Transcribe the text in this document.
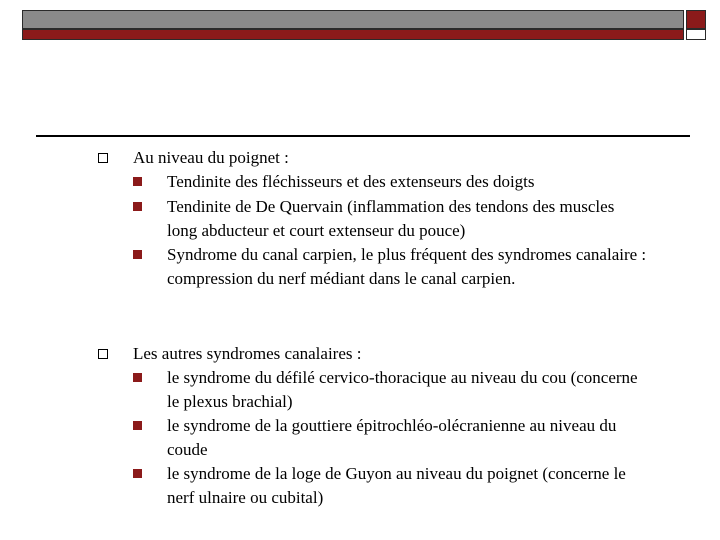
Au niveau du poignet :
Tendinite des fléchisseurs et des extenseurs des doigts
Tendinite de De Quervain (inflammation des tendons des muscles long abducteur et court extenseur du pouce)
Syndrome du canal carpien, le plus fréquent des syndromes canalaire : compression du nerf médiant dans le canal carpien.
Les autres syndromes canalaires :
le syndrome du défilé cervico-thoracique au niveau du cou (concerne le plexus brachial)
le syndrome de la gouttiere épitrochléo-olécranienne au niveau du coude
le syndrome de la loge de Guyon au niveau du poignet (concerne le nerf ulnaire ou cubital)
